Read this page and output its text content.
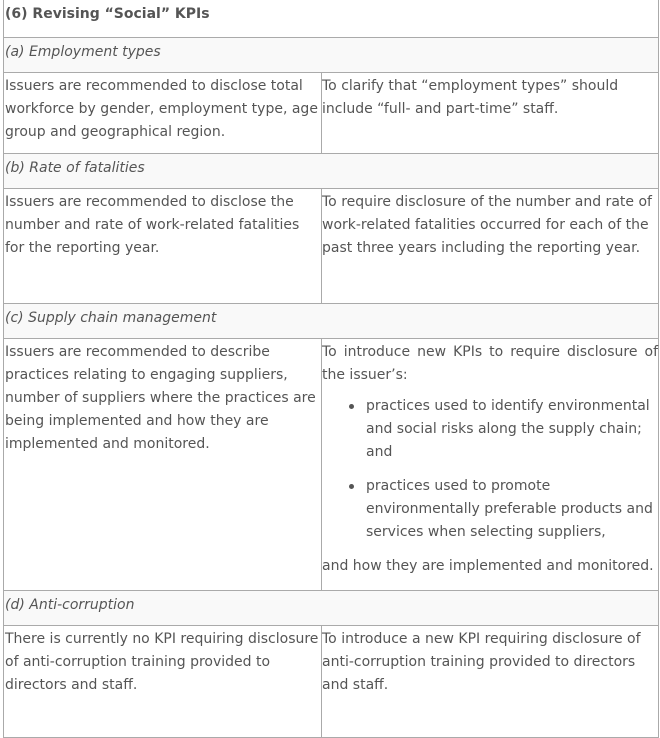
(6) Revising “Social” KPIs
(a) Employment types
Issuers are recommended to disclose total workforce by gender, employment type, age group and geographical region.
To clarify that “employment types” should include “full- and part-time” staff.
(b) Rate of fatalities
Issuers are recommended to disclose the number and rate of work-related fatalities for the reporting year.
To require disclosure of the number and rate of work-related fatalities occurred for each of the past three years including the reporting year.
(c) Supply chain management
Issuers are recommended to describe practices relating to engaging suppliers, number of suppliers where the practices are being implemented and how they are implemented and monitored.
To introduce new KPIs to require disclosure of the issuer’s:
practices used to identify environmental and social risks along the supply chain; and
practices used to promote environmentally preferable products and services when selecting suppliers,
and how they are implemented and monitored.
(d) Anti-corruption
There is currently no KPI requiring disclosure of anti-corruption training provided to directors and staff.
To introduce a new KPI requiring disclosure of anti-corruption training provided to directors and staff.
